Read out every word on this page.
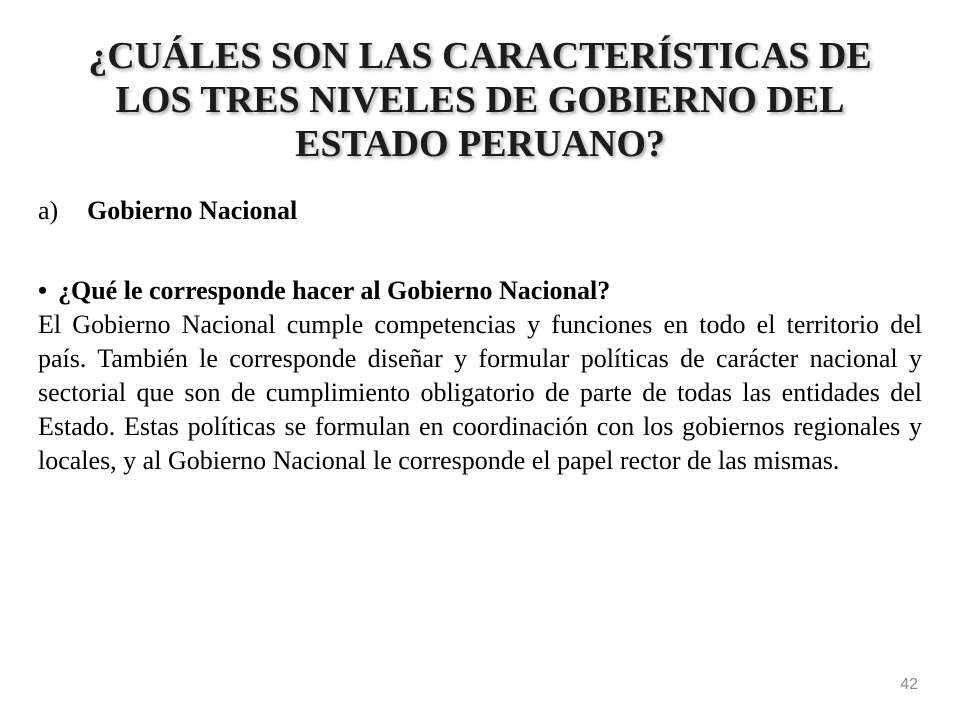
¿CUÁLES SON LAS CARACTERÍSTICAS DE
LOS TRES NIVELES DE GOBIERNO DEL
ESTADO PERUANO?

a) Gobierno Nacional

• ¿Qué le corresponde hacer al Gobierno Nacional?

El Gobierno Nacional cumple competencias y funciones en todo el territorio del país. También le corresponde diseñar y formular políticas de carácter nacional y sectorial que son de cumplimiento obligatorio de parte de todas las entidades del Estado. Estas políticas se formulan en coordinación con los gobiernos regionales y locales, y al Gobierno Nacional le corresponde el papel rector de las mismas.

42
